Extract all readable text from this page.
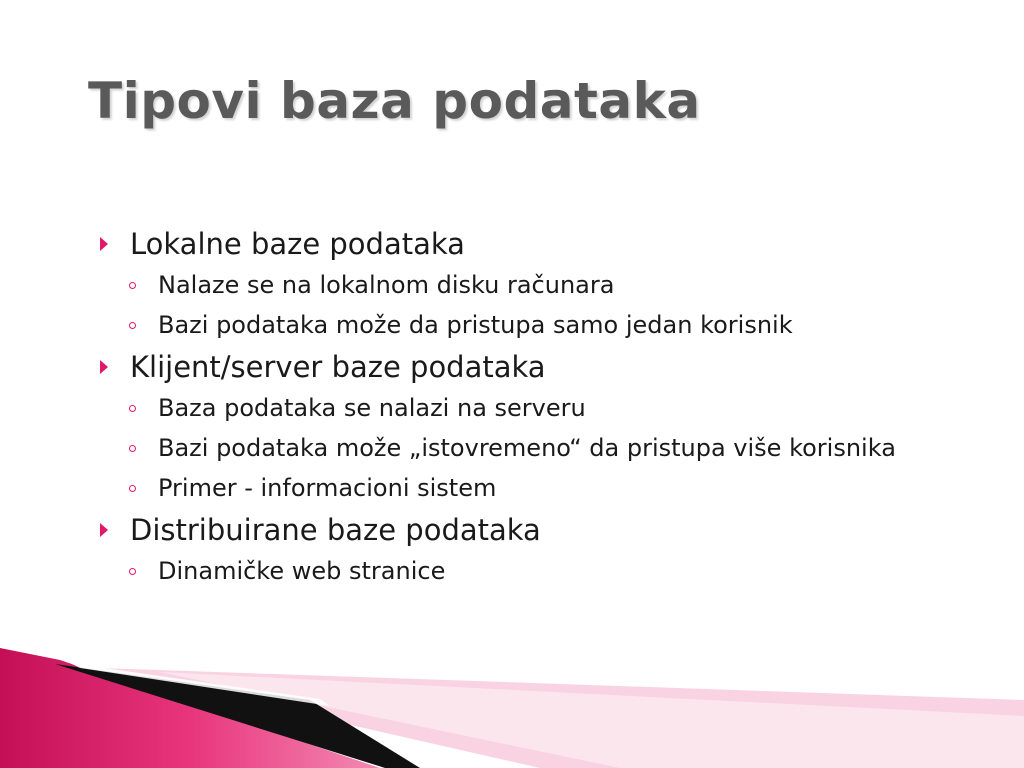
Tipovi baza podataka
Lokalne baze podataka
Nalaze se na lokalnom disku računara
Bazi podataka može da pristupa samo jedan korisnik
Klijent/server baze podataka
Baza podataka se nalazi na serveru
Bazi podataka može „istovremeno“ da pristupa više korisnika
Primer - informacioni sistem
Distribuirane baze podataka
Dinamičke web stranice
